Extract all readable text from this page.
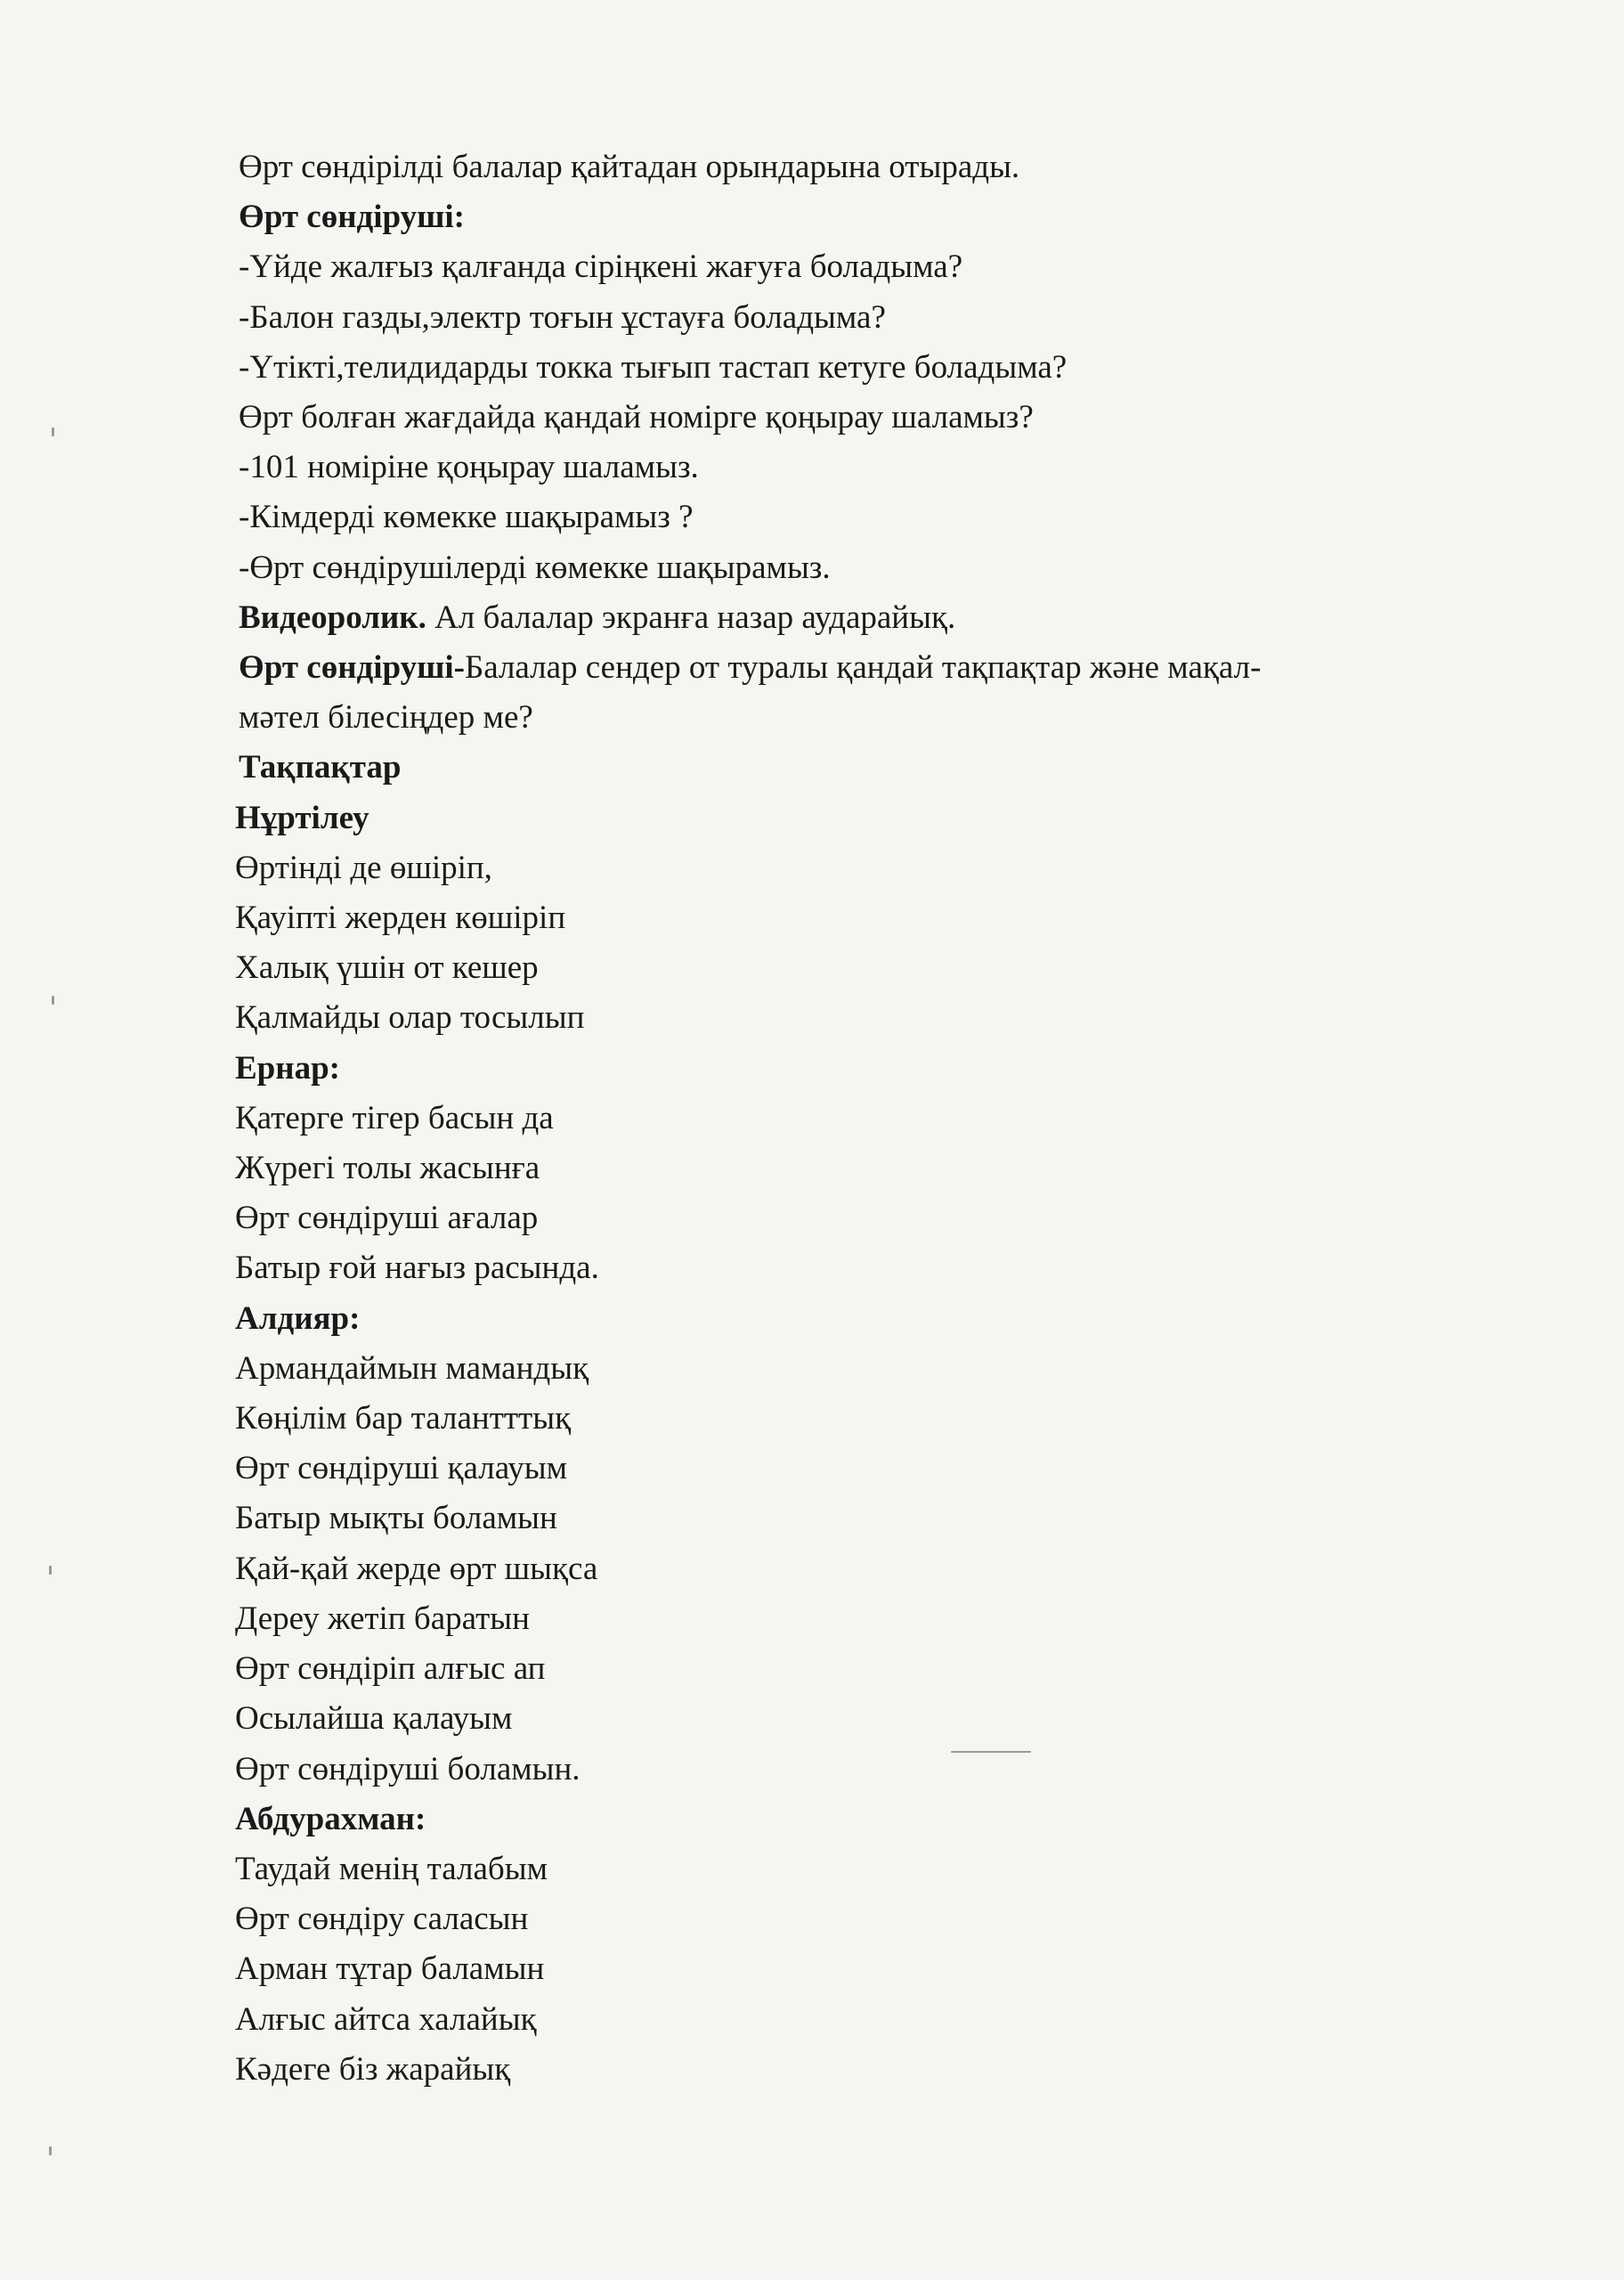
Өрт сөндірілді балалар қайтадан орындарына отырады.
Өрт сөндіруші:
-Үйде жалғыз қалғанда сіріңкені жағуға боладыма?
-Балон газды,электр тоғын ұстауға боладыма?
-Үтікті,телидидарды токка тығып тастап кетуге боладыма?
Өрт болған жағдайда қандай номірге қоңырау шаламыз?
-101 номіріне қоңырау шаламыз.
-Кімдерді көмекке шақырамыз ?
-Өрт сөндірушілерді көмекке шақырамыз.
Видеоролик. Ал балалар экранға назар аударайық.
Өрт сөндіруші-Балалар сендер от туралы қандай тақпақтар және мақал-
мәтел білесіңдер ме?
Тақпақтар
Нұртілеу
Өртінді де өшіріп,
Қауіпті жерден көшіріп
Халық үшін от кешер
Қалмайды олар тосылып
Ернар:
Қатерге тігер басын да
Жүрегі толы жасынға
Өрт сөндіруші ағалар
Батыр ғой нағыз расында.
Алдияр:
Армандаймын мамандық
Көңілім бар талантттық
Өрт сөндіруші қалауым
Батыр мықты боламын
Қай-қай жерде өрт шықса
Дереу жетіп баратын
Өрт сөндіріп алғыс ап
Осылайша қалауым
Өрт сөндіруші боламын.
Абдурахман:
Таудай менің талабым
Өрт сөндіру саласын
Арман тұтар баламын
Алғыс айтса халайық
Кәдеге біз жарайық
